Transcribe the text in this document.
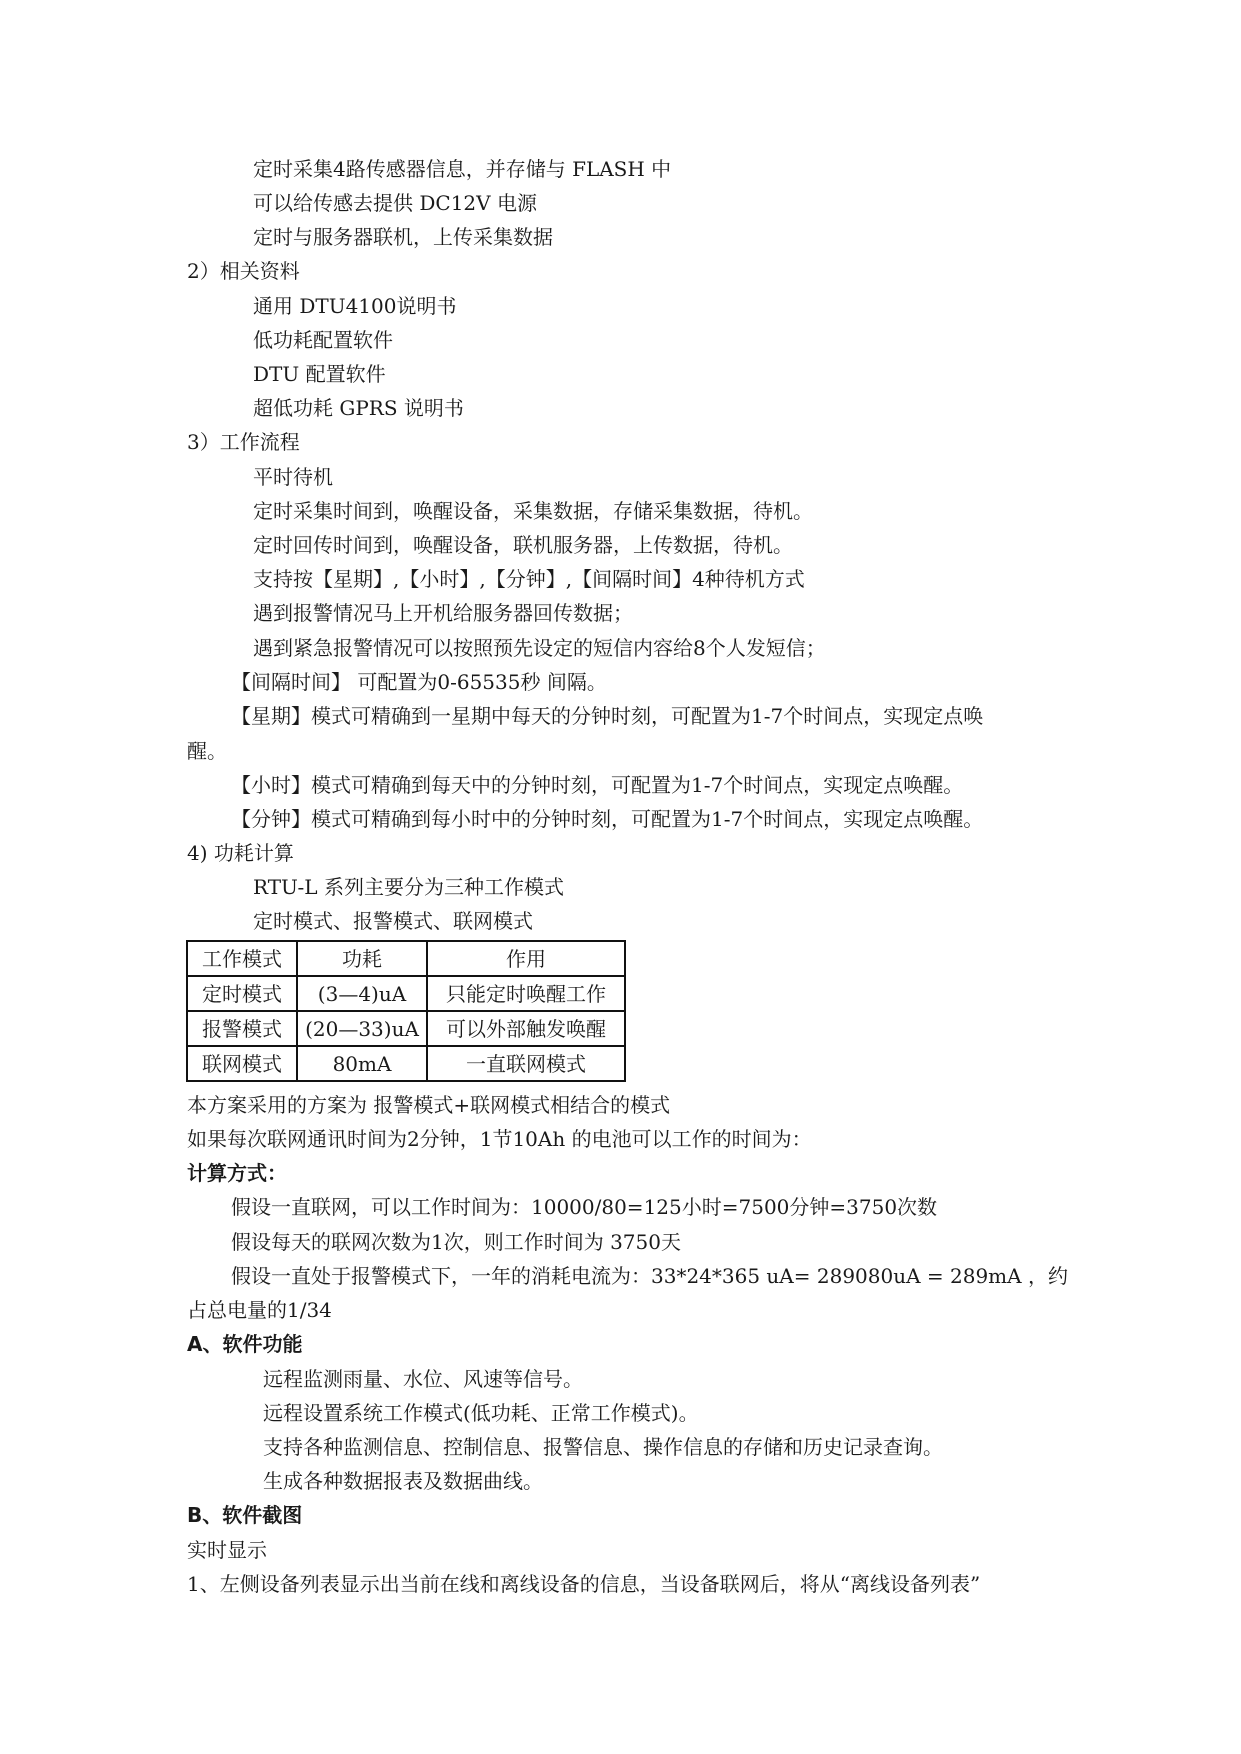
定时采集4路传感器信息，并存储与 FLASH 中
可以给传感去提供 DC12V 电源
定时与服务器联机，上传采集数据
2）相关资料
通用 DTU4100说明书
低功耗配置软件
DTU 配置软件
超低功耗 GPRS 说明书
3）工作流程
平时待机
定时采集时间到，唤醒设备，采集数据，存储采集数据，待机。
定时回传时间到，唤醒设备，联机服务器，上传数据，待机。
支持按【星期】,【小时】,【分钟】,【间隔时间】4种待机方式
遇到报警情况马上开机给服务器回传数据；
遇到紧急报警情况可以按照预先设定的短信内容给8个人发短信；
【间隔时间】 可配置为0-65535秒 间隔。
【星期】模式可精确到一星期中每天的分钟时刻，可配置为1-7个时间点，实现定点唤
醒。
【小时】模式可精确到每天中的分钟时刻，可配置为1-7个时间点，实现定点唤醒。
【分钟】模式可精确到每小时中的分钟时刻，可配置为1-7个时间点，实现定点唤醒。
4) 功耗计算
RTU-L 系列主要分为三种工作模式
定时模式、报警模式、联网模式
工作模式	功耗	作用
定时模式	(3—4)uA	只能定时唤醒工作
报警模式	(20—33)uA	可以外部触发唤醒
联网模式	80mA	一直联网模式
本方案采用的方案为 报警模式+联网模式相结合的模式
如果每次联网通讯时间为2分钟，1节10Ah 的电池可以工作的时间为：
计算方式：
假设一直联网，可以工作时间为：10000/80=125小时=7500分钟=3750次数
假设每天的联网次数为1次，则工作时间为 3750天
假设一直处于报警模式下，一年的消耗电流为：33*24*365 uA= 289080uA = 289mA ，约
占总电量的1/34
A、软件功能
远程监测雨量、水位、风速等信号。
远程设置系统工作模式(低功耗、正常工作模式)。
支持各种监测信息、控制信息、报警信息、操作信息的存储和历史记录查询。
生成各种数据报表及数据曲线。
B、软件截图
实时显示
1、左侧设备列表显示出当前在线和离线设备的信息，当设备联网后，将从“离线设备列表”
